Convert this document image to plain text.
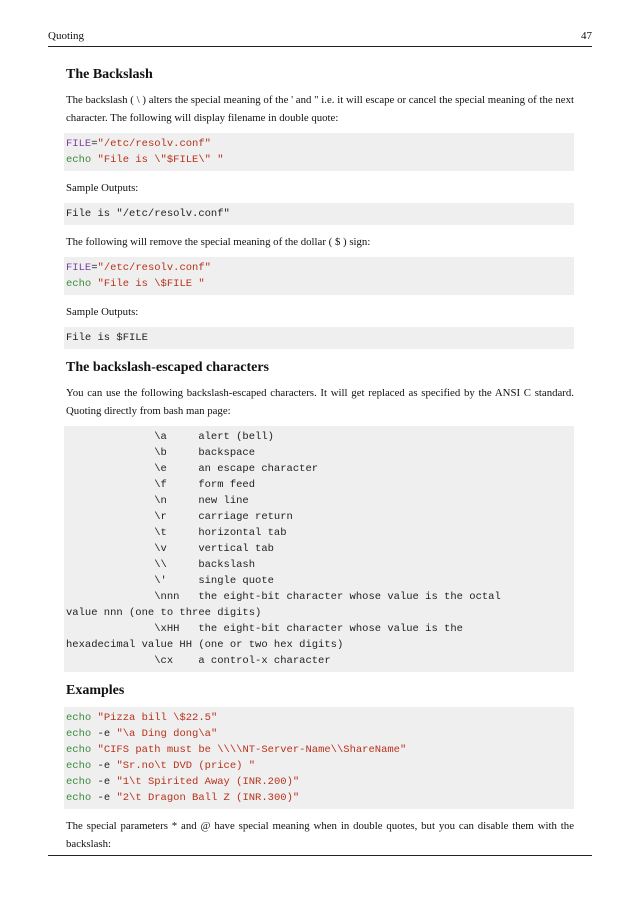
Quoting	47
The Backslash

The backslash ( \ ) alters the special meaning of the ' and " i.e. it will escape or cancel the special meaning of the next character. The following will display filename in double quote:

FILE="/etc/resolv.conf"
echo "File is \"$FILE\" "

Sample Outputs:

File is "/etc/resolv.conf"

The following will remove the special meaning of the dollar ( $ ) sign:

FILE="/etc/resolv.conf"
echo "File is \$FILE "

Sample Outputs:

File is $FILE
The backslash-escaped characters

You can use the following backslash-escaped characters. It will get replaced as specified by the ANSI C standard. Quoting directly from bash man page:

\a     alert (bell)
\b     backspace
\e     an escape character
\f     form feed
\n     new line
\r     carriage return
\t     horizontal tab
\v     vertical tab
\\     backslash
\'     single quote
\nnn   the eight-bit character whose value is the octal
value nnn (one to three digits)
\xHH   the eight-bit character whose value is the
hexadecimal value HH (one or two hex digits)
\cx    a control-x character
Examples
echo "Pizza bill \$22.5"
echo -e "\a Ding dong\a"
echo "CIFS path must be \\\\NT-Server-Name\\ShareName"
echo -e "Sr.no\t DVD (price) "
echo -e "1\t Spirited Away (INR.200)"
echo -e "2\t Dragon Ball Z (INR.300)"

The special parameters * and @ have special meaning when in double quotes, but you can disable them with the backslash:
